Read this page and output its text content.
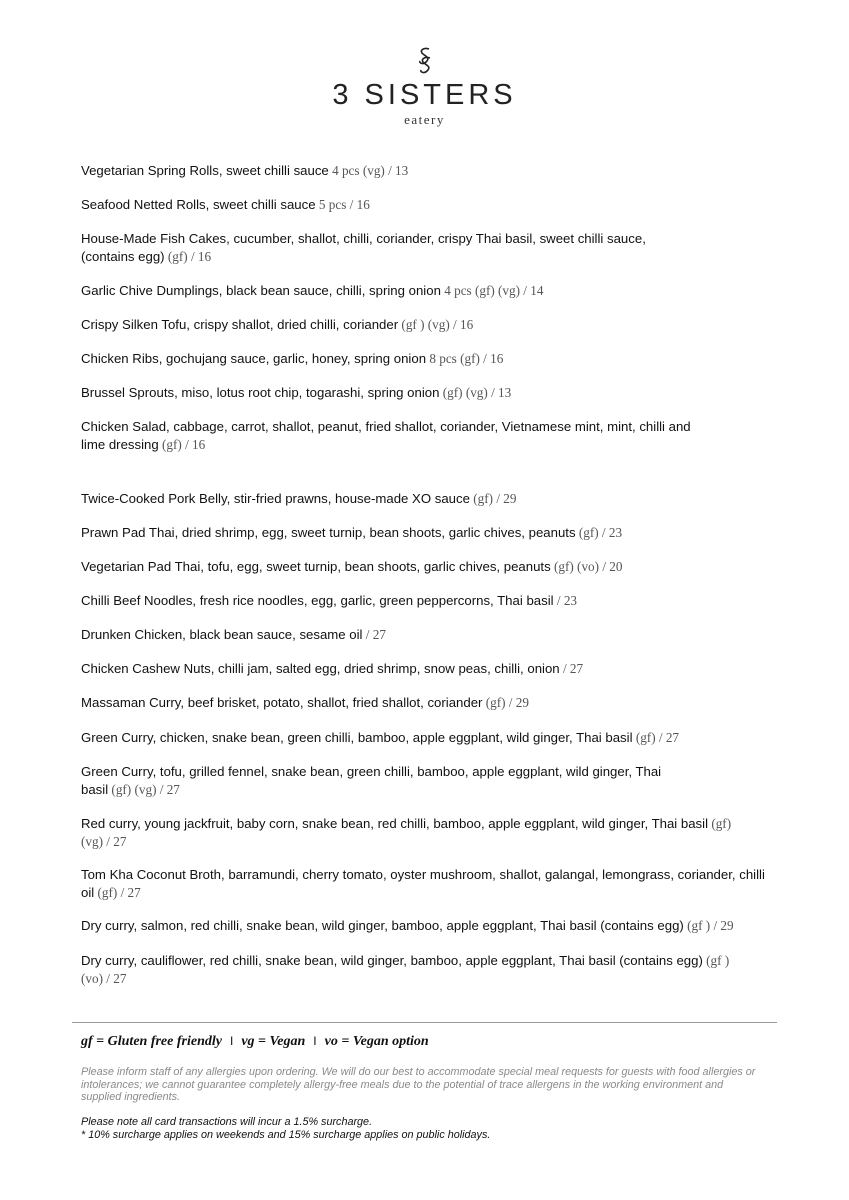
3 SISTERS
eatery
Vegetarian Spring Rolls, sweet chilli sauce 4 pcs (vg) / 13
Seafood Netted Rolls, sweet chilli sauce 5 pcs / 16
House-Made Fish Cakes, cucumber, shallot, chilli, coriander, crispy Thai basil, sweet chilli sauce, (contains egg) (gf) / 16
Garlic Chive Dumplings, black bean sauce, chilli, spring onion 4 pcs (gf) (vg) / 14
Crispy Silken Tofu, crispy shallot, dried chilli, coriander (gf ) (vg) / 16
Chicken Ribs, gochujang sauce, garlic, honey, spring onion 8 pcs (gf) / 16
Brussel Sprouts, miso, lotus root chip, togarashi, spring onion (gf) (vg) / 13
Chicken Salad, cabbage, carrot, shallot, peanut, fried shallot, coriander, Vietnamese mint, mint, chilli and lime dressing (gf) / 16
Twice-Cooked Pork Belly, stir-fried prawns, house-made XO sauce (gf) / 29
Prawn Pad Thai, dried shrimp, egg, sweet turnip, bean shoots, garlic chives, peanuts (gf) / 23
Vegetarian Pad Thai, tofu, egg, sweet turnip, bean shoots, garlic chives, peanuts (gf) (vo) / 20
Chilli Beef Noodles, fresh rice noodles, egg, garlic, green peppercorns, Thai basil / 23
Drunken Chicken, black bean sauce, sesame oil / 27
Chicken Cashew Nuts, chilli jam, salted egg, dried shrimp, snow peas, chilli, onion / 27
Massaman Curry, beef brisket, potato, shallot, fried shallot, coriander (gf) / 29
Green Curry, chicken, snake bean, green chilli, bamboo, apple eggplant, wild ginger, Thai basil (gf) / 27
Green Curry, tofu, grilled fennel, snake bean, green chilli, bamboo, apple eggplant, wild ginger, Thai basil (gf) (vg) / 27
Red curry, young jackfruit, baby corn, snake bean, red chilli, bamboo, apple eggplant, wild ginger, Thai basil (gf) (vg) / 27
Tom Kha Coconut Broth, barramundi, cherry tomato, oyster mushroom, shallot, galangal, lemongrass, coriander, chilli oil (gf) / 27
Dry curry, salmon, red chilli, snake bean, wild ginger, bamboo, apple eggplant, Thai basil (contains egg) (gf ) / 29
Dry curry, cauliflower, red chilli, snake bean, wild ginger, bamboo, apple eggplant, Thai basil (contains egg) (gf ) (vo) / 27
gf = Gluten free friendly I vg = Vegan I vo = Vegan option
Please inform staff of any allergies upon ordering. We will do our best to accommodate special meal requests for guests with food allergies or intolerances; we cannot guarantee completely allergy-free meals due to the potential of trace allergens in the working environment and supplied ingredients.
Please note all card transactions will incur a 1.5% surcharge.
* 10% surcharge applies on weekends and 15% surcharge applies on public holidays.
